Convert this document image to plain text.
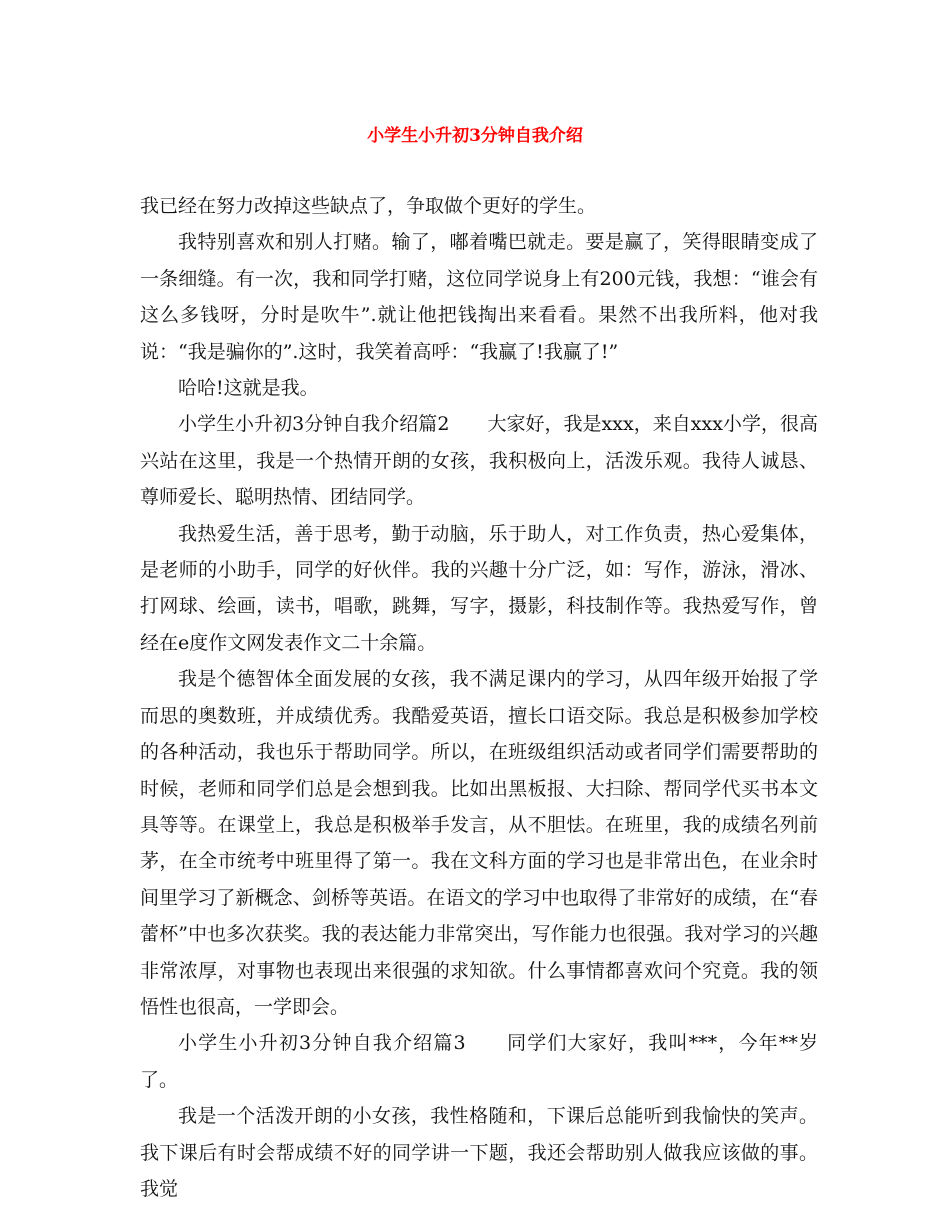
小学生小升初3分钟自我介绍

我已经在努力改掉这些缺点了，争取做个更好的学生。

我特别喜欢和别人打赌。输了，嘟着嘴巴就走。要是赢了，笑得眼睛变成了一条细缝。有一次，我和同学打赌，这位同学说身上有200元钱，我想：“谁会有这么多钱呀，分时是吹牛”.就让他把钱掏出来看看。果然不出我所料，他对我说：“我是骗你的”.这时，我笑着高呼：“我赢了!我赢了!”

哈哈!这就是我。

小学生小升初3分钟自我介绍篇2　　大家好，我是xxx，来自xxx小学，很高兴站在这里，我是一个热情开朗的女孩，我积极向上，活泼乐观。我待人诚恳、尊师爱长、聪明热情、团结同学。

我热爱生活，善于思考，勤于动脑，乐于助人，对工作负责，热心爱集体，是老师的小助手，同学的好伙伴。我的兴趣十分广泛，如：写作，游泳，滑冰、打网球、绘画，读书，唱歌，跳舞，写字，摄影，科技制作等。我热爱写作，曾经在e度作文网发表作文二十余篇。

我是个德智体全面发展的女孩，我不满足课内的学习，从四年级开始报了学而思的奥数班，并成绩优秀。我酷爱英语，擅长口语交际。我总是积极参加学校的各种活动，我也乐于帮助同学。所以，在班级组织活动或者同学们需要帮助的时候，老师和同学们总是会想到我。比如出黑板报、大扫除、帮同学代买书本文具等等。在课堂上，我总是积极举手发言，从不胆怯。在班里，我的成绩名列前茅，在全市统考中班里得了第一。我在文科方面的学习也是非常出色，在业余时间里学习了新概念、剑桥等英语。在语文的学习中也取得了非常好的成绩，在“春蕾杯”中也多次获奖。我的表达能力非常突出，写作能力也很强。我对学习的兴趣非常浓厚，对事物也表现出来很强的求知欲。什么事情都喜欢问个究竟。我的领悟性也很高，一学即会。

小学生小升初3分钟自我介绍篇3　　同学们大家好，我叫***，今年**岁了。

我是一个活泼开朗的小女孩，我性格随和，下课后总能听到我愉快的笑声。我下课后有时会帮成绩不好的同学讲一下题，我还会帮助别人做我应该做的事。我觉
